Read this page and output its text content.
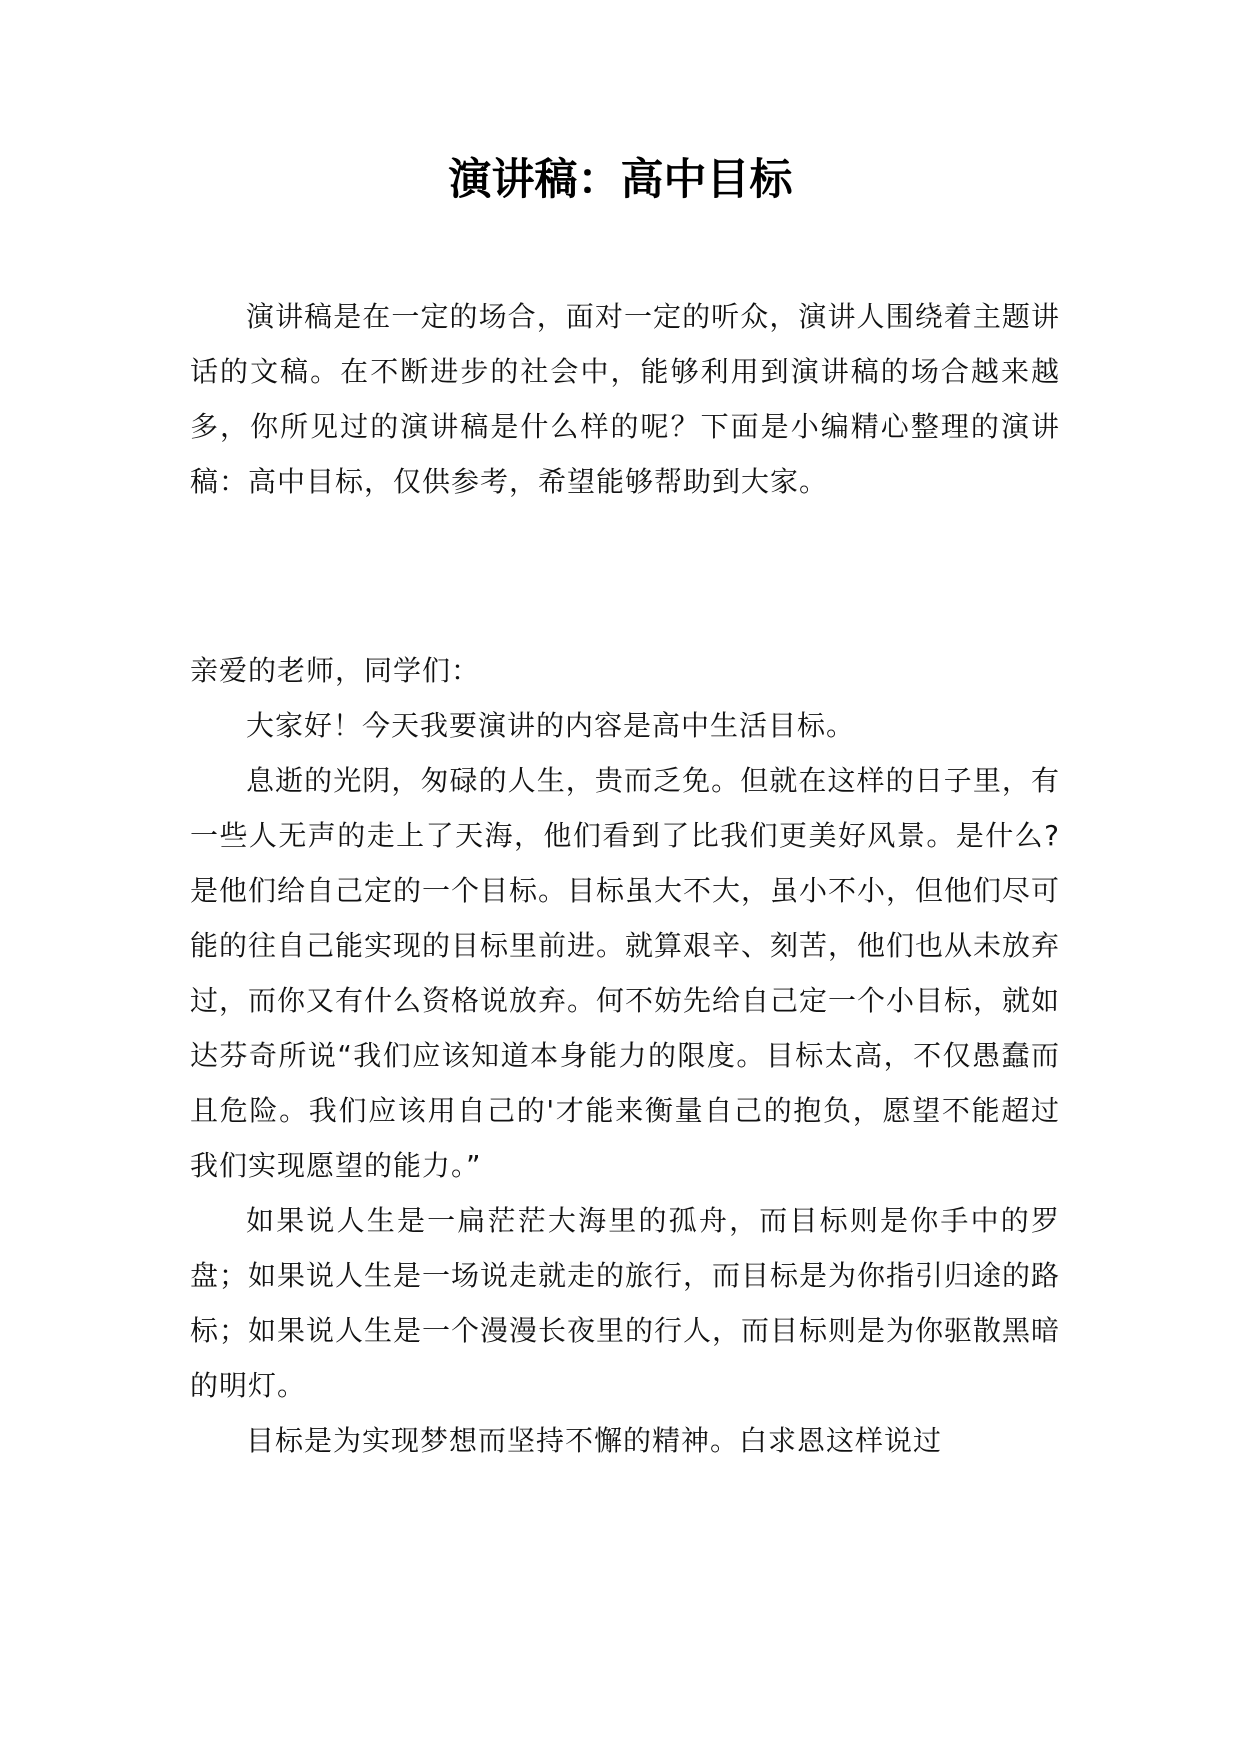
演讲稿：高中目标

演讲稿是在一定的场合，面对一定的听众，演讲人围绕着主题讲话的文稿。在不断进步的社会中，能够利用到演讲稿的场合越来越多，你所见过的演讲稿是什么样的呢？下面是小编精心整理的演讲稿：高中目标，仅供参考，希望能够帮助到大家。

亲爱的老师，同学们：

大家好！今天我要演讲的内容是高中生活目标。

息逝的光阴，匆碌的人生，贵而乏免。但就在这样的日子里，有一些人无声的走上了天海，他们看到了比我们更美好风景。是什么?是他们给自己定的一个目标。目标虽大不大，虽小不小，但他们尽可能的往自己能实现的目标里前进。就算艰辛、刻苦，他们也从未放弃过，而你又有什么资格说放弃。何不妨先给自己定一个小目标，就如达芬奇所说“我们应该知道本身能力的限度。目标太高，不仅愚蠢而且危险。我们应该用自己的'才能来衡量自己的抱负，愿望不能超过我们实现愿望的能力。”

如果说人生是一扁茫茫大海里的孤舟，而目标则是你手中的罗盘；如果说人生是一场说走就走的旅行，而目标是为你指引归途的路标；如果说人生是一个漫漫长夜里的行人，而目标则是为你驱散黑暗的明灯。

目标是为实现梦想而坚持不懈的精神。白求恩这样说过
